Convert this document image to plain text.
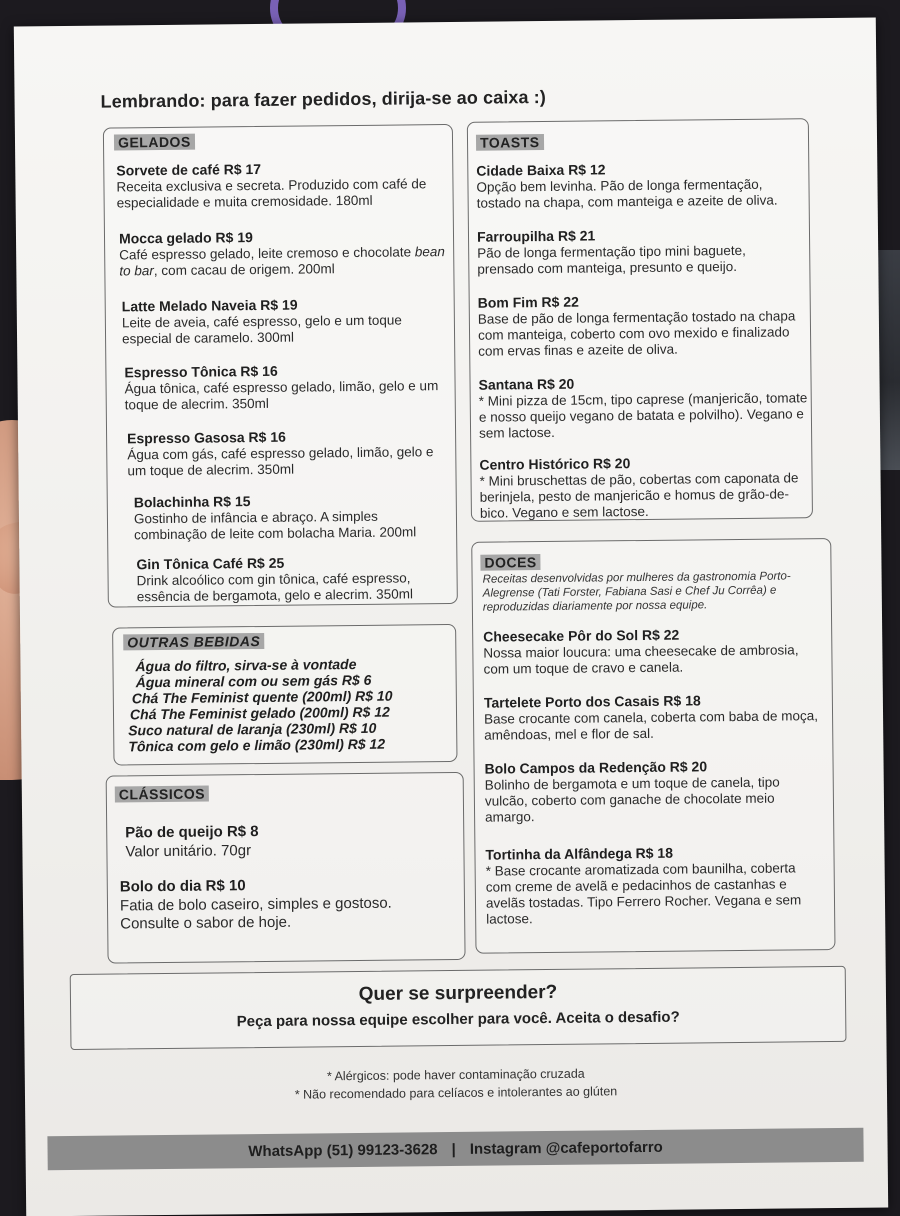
Lembrando: para fazer pedidos, dirija-se ao caixa :)
GELADOS
Sorvete de café R$ 17
Receita exclusiva e secreta. Produzido com café de especialidade e muita cremosidade. 180ml
Mocca gelado R$ 19
Café espresso gelado, leite cremoso e chocolate bean to bar, com cacau de origem. 200ml
Latte Melado Naveia R$ 19
Leite de aveia, café espresso, gelo e um toque especial de caramelo. 300ml
Espresso Tônica R$ 16
Água tônica, café espresso gelado, limão, gelo e um toque de alecrim. 350ml
Espresso Gasosa R$ 16
Água com gás, café espresso gelado, limão, gelo e um toque de alecrim. 350ml
Bolachinha R$ 15
Gostinho de infância e abraço. A simples combinação de leite com bolacha Maria. 200ml
Gin Tônica Café R$ 25
Drink alcoólico com gin tônica, café espresso, essência de bergamota, gelo e alecrim. 350ml
TOASTS
Cidade Baixa R$ 12
Opção bem levinha. Pão de longa fermentação, tostado na chapa, com manteiga e azeite de oliva.
Farroupilha R$ 21
Pão de longa fermentação tipo mini baguete, prensado com manteiga, presunto e queijo.
Bom Fim R$ 22
Base de pão de longa fermentação tostado na chapa com manteiga, coberto com ovo mexido e finalizado com ervas finas e azeite de oliva.
Santana R$ 20
* Mini pizza de 15cm, tipo caprese (manjericão, tomate e nosso queijo vegano de batata e polvilho). Vegano e sem lactose.
Centro Histórico R$ 20
* Mini bruschettas de pão, cobertas com caponata de berinjela, pesto de manjericão e homus de grão-de-bico. Vegano e sem lactose.
OUTRAS BEBIDAS
Água do filtro, sirva-se à vontade
Água mineral com ou sem gás R$ 6
Chá The Feminist quente (200ml) R$ 10
Chá The Feminist gelado (200ml) R$ 12
Suco natural de laranja (230ml) R$ 10
Tônica com gelo e limão (230ml) R$ 12
DOCES
Receitas desenvolvidas por mulheres da gastronomia Porto-Alegrense (Tati Forster, Fabiana Sasi e Chef Ju Corrêa) e reproduzidas diariamente por nossa equipe.
Cheesecake Pôr do Sol R$ 22
Nossa maior loucura: uma cheesecake de ambrosia, com um toque de cravo e canela.
Tartelete Porto dos Casais R$ 18
Base crocante com canela, coberta com baba de moça, amêndoas, mel e flor de sal.
Bolo Campos da Redenção R$ 20
Bolinho de bergamota e um toque de canela, tipo vulcão, coberto com ganache de chocolate meio amargo.
Tortinha da Alfândega R$ 18
* Base crocante aromatizada com baunilha, coberta com creme de avelã e pedacinhos de castanhas e avelãs tostadas. Tipo Ferrero Rocher. Vegana e sem lactose.
CLÁSSICOS
Pão de queijo R$ 8
Valor unitário. 70gr
Bolo do dia R$ 10
Fatia de bolo caseiro, simples e gostoso. Consulte o sabor de hoje.
Quer se surpreender?
Peça para nossa equipe escolher para você. Aceita o desafio?
* Alérgicos: pode haver contaminação cruzada
* Não recomendado para celíacos e intolerantes ao glúten
WhatsApp (51) 99123-3628 | Instagram @cafeportofarro
